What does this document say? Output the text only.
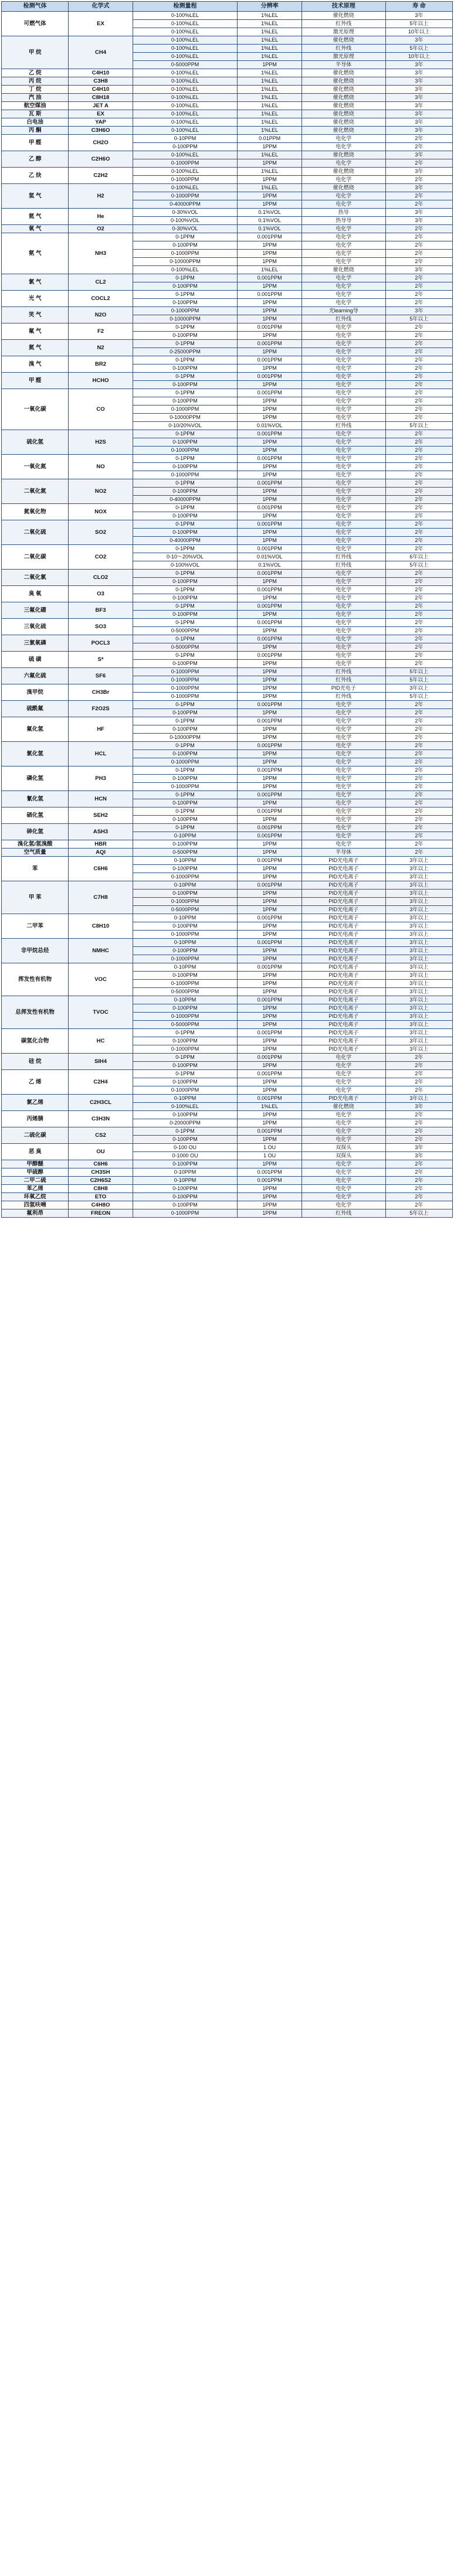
检测气体	化学式	检测量程	分辨率	技术原理	寿 命
可燃气体	EX	0-100%LEL	1%LEL	催化燃烧	3年
		0-100%LEL	1%LEL	红外线	5年以上
		0-100%LEL	1%LEL	激光原理	10年以上
甲 烷	CH4	0-100%LEL	1%LEL	催化燃烧	3年
		0-100%LEL	1%LEL	红外线	5年以上
		0-100%LEL	1%LEL	激光原理	10年以上
		0-5000PPM	1PPM	半导体	3年
乙 烷	C4H10	0-100%LEL	1%LEL	催化燃烧	3年
丙 烷	C3H8	0-100%LEL	1%LEL	催化燃烧	3年
丁 烷	C4H10	0-100%LEL	1%LEL	催化燃烧	3年
汽 油	C8H18	0-100%LEL	1%LEL	催化燃烧	3年
航空煤油	JET A	0-100%LEL	1%LEL	催化燃烧	3年
瓦 斯	EX	0-100%LEL	1%LEL	催化燃烧	3年
白电油	YAP	0-100%LEL	1%LEL	催化燃烧	3年
丙 酮	C3H6O	0-100%LEL	1%LEL	催化燃烧	3年
甲 醛	CH2O	0-10PPM	0.01PPM	电化学	2年
		0-100PPM	1PPM	电化学	2年
乙 醇	C2H6O	0-100%LEL	1%LEL	催化燃烧	3年
		0-1000PPM	1PPM	电化学	2年
乙 炔	C2H2	0-100%LEL	1%LEL	催化燃烧	3年
		0-1000PPM	1PPM	电化学	2年
氢 气	H2	0-100%LEL	1%LEL	催化燃烧	3年
		0-1000PPM	1PPM	电化学	2年
		0-40000PPM	1PPM	电化学	2年
氦 气	He	0-30%VOL	0.1%VOL	热导	3年
		0-100%VOL	0.1%VOL	热导导	3年
氧 气	O2	0-30%VOL	0.1%VOL	电化学	2年
氨 气	NH3	0-1PPM	0.001PPM	电化学	2年
		0-100PPM	1PPM	电化学	2年
		0-1000PPM	1PPM	电化学	2年
		0-10000PPM	1PPM	电化学	2年
		0-100%LEL	1%LEL	催化燃烧	3年
氯 气	CL2	0-1PPM	0.001PPM	电化学	2年
		0-100PPM	1PPM	电化学	2年
光 气	COCL2	0-1PPM	0.001PPM	电化学	2年
		0-100PPM	1PPM	电化学	2年
笑 气	N2O	0-1000PPM	1PPM	光learning导	3年
		0-10000PPM	1PPM	红外线	5年以上
氟 气	F2	0-1PPM	0.001PPM	电化学	2年
		0-100PPM	1PPM	电化学	2年
氮 气	N2	0-1PPM	0.001PPM	电化学	2年
		0-25000PPM	1PPM	电化学	2年
溴 气	BR2	0-1PPM	0.001PPM	电化学	2年
		0-100PPM	1PPM	电化学	2年
甲 醛	HCHO	0-1PPM	0.001PPM	电化学	2年
		0-100PPM	1PPM	电化学	2年
一氧化碳	CO	0-1PPM	0.001PPM	电化学	2年
		0-100PPM	1PPM	电化学	2年
		0-1000PPM	1PPM	电化学	2年
		0-10000PPM	1PPM	电化学	2年
		0-10/20%VOL	0.01%VOL	红外线	5年以上
硫化氢	H2S	0-1PPM	0.001PPM	电化学	2年
		0-100PPM	1PPM	电化学	2年
		0-1000PPM	1PPM	电化学	2年
一氧化氮	NO	0-1PPM	0.001PPM	电化学	2年
		0-100PPM	1PPM	电化学	2年
		0-1000PPM	1PPM	电化学	2年
二氧化氮	NO2	0-1PPM	0.001PPM	电化学	2年
		0-100PPM	1PPM	电化学	2年
		0-40000PPM	1PPM	电化学	2年
氮氧化物	NOX	0-1PPM	0.001PPM	电化学	2年
		0-100PPM	1PPM	电化学	2年
二氧化硫	SO2	0-1PPM	0.001PPM	电化学	2年
		0-100PPM	1PPM	电化学	2年
		0-40000PPM	1PPM	电化学	2年
二氧化碳	CO2	0-1PPM	0.001PPM	电化学	2年
		0-10～20%VOL	0.01%VOL	红外线	6年以上
		0-100%VOL	0.1%VOL	红外线	5年以上
二氧化氯	CLO2	0-1PPM	0.001PPM	电化学	2年
		0-100PPM	1PPM	电化学	2年
臭 氧	O3	0-1PPM	0.001PPM	电化学	2年
		0-100PPM	1PPM	电化学	2年
三氟化硼	BF3	0-1PPM	0.001PPM	电化学	2年
		0-100PPM	1PPM	电化学	2年
三氧化硫	SO3	0-1PPM	0.001PPM	电化学	2年
		0-5000PPM	1PPM	电化学	2年
三氯氧磷	POCL3	0-1PPM	0.001PPM	电化学	2年
		0-5000PPM	1PPM	电化学	2年
硫 磺	S*	0-1PPM	0.001PPM	电化学	2年
		0-100PPM	1PPM	电化学	2年
六氟化硫	SF6	0-1000PPM	1PPM	红外线	5年以上
		0-1000PPM	1PPM	红外线	5年以上
溴甲烷	CH3Br	0-1000PPM	1PPM	PID光电子	3年以上
		0-1000PPM	1PPM	红外线	5年以上
硫酰氟	F2O2S	0-1PPM	0.001PPM	电化学	2年
		0-100PPM	1PPM	电化学	2年
氟化氢	HF	0-1PPM	0.001PPM	电化学	2年
		0-100PPM	1PPM	电化学	2年
		0-10000PPM	1PPM	电化学	2年
氯化氢	HCL	0-1PPM	0.001PPM	电化学	2年
		0-100PPM	1PPM	电化学	2年
		0-1000PPM	1PPM	电化学	2年
磷化氢	PH3	0-1PPM	0.001PPM	电化学	2年
		0-100PPM	1PPM	电化学	2年
		0-1000PPM	1PPM	电化学	2年
氰化氢	HCN	0-1PPM	0.001PPM	电化学	2年
		0-100PPM	1PPM	电化学	2年
硒化氢	SEH2	0-1PPM	0.001PPM	电化学	2年
		0-100PPM	1PPM	电化学	2年
砷化氢	ASH3	0-1PPM	0.001PPM	电化学	2年
		0-10PPM	0.001PPM	电化学	2年
溴化氢/氢溴酸	HBR	0-100PPM	1PPM	电化学	2年
空气质量	AQI	0-500PPM	1PPM	半导体	2年
苯	C6H6	0-10PPM	0.001PPM	PID光电离子	3年以上
		0-100PPM	1PPM	PID光电离子	3年以上
		0-1000PPM	1PPM	PID光电离子	3年以上
甲 苯	C7H8	0-10PPM	0.001PPM	PID光电离子	3年以上
		0-100PPM	1PPM	PID光电离子	3年以上
		0-1000PPM	1PPM	PID光电离子	3年以上
		0-5000PPM	1PPM	PID光电离子	3年以上
二甲苯	C8H10	0-10PPM	0.001PPM	PID光电离子	3年以上
		0-100PPM	1PPM	PID光电离子	3年以上
		0-1000PPM	1PPM	PID光电离子	3年以上
非甲烷总烃	NMHC	0-10PPM	0.001PPM	PID光电离子	3年以上
		0-100PPM	1PPM	PID光电离子	3年以上
		0-1000PPM	1PPM	PID光电离子	3年以上
挥发性有机物	VOC	0-10PPM	0.001PPM	PID光电离子	3年以上
		0-100PPM	1PPM	PID光电离子	3年以上
		0-1000PPM	1PPM	PID光电离子	3年以上
		0-5000PPM	1PPM	PID光电离子	3年以上
总挥发性有机物	TVOC	0-10PPM	0.001PPM	PID光电离子	3年以上
		0-100PPM	1PPM	PID光电离子	3年以上
		0-1000PPM	1PPM	PID光电离子	3年以上
		0-5000PPM	1PPM	PID光电离子	3年以上
碳氢化合物	HC	0-1PPM	0.001PPM	PID光电离子	3年以上
		0-100PPM	1PPM	PID光电离子	3年以上
		0-1000PPM	1PPM	PID光电离子	3年以上
硅 烷	SIH4	0-1PPM	0.001PPM	电化学	2年
		0-100PPM	1PPM	电化学	2年
乙 烯	C2H4	0-1PPM	0.001PPM	电化学	2年
		0-100PPM	1PPM	电化学	2年
		0-1000PPM	1PPM	电化学	2年
氯乙烯	C2H3CL	0-10PPM	0.001PPM	PID光电离子	3年以上
		0-100%LEL	1%LEL	催化燃烧	3年
丙烯腈	C3H3N	0-100PPM	1PPM	电化学	2年
		0-20000PPM	1PPM	电化学	2年
二硫化碳	CS2	0-1PPM	0.001PPM	电化学	2年
		0-100PPM	1PPM	电化学	2年
恶 臭	OU	0-100 OU	1 OU	双探头	3年
		0-1000 OU	1 OU	双探头	3年
甲醇醚	C6H6	0-100PPM	1PPM	电化学	2年
甲硫醇	CH3SH	0-10PPM	0.001PPM	电化学	2年
二甲二硫	C2H6S2	0-10PPM	0.001PPM	电化学	2年
苯乙烯	C8H8	0-100PPM	1PPM	电化学	2年
环氧乙烷	ETO	0-100PPM	1PPM	电化学	2年
四氢呋喃	C4H8O	0-100PPM	1PPM	电化学	2年
氟利昂	FREON	0-1000PPM	1PPM	红外线	5年以上
